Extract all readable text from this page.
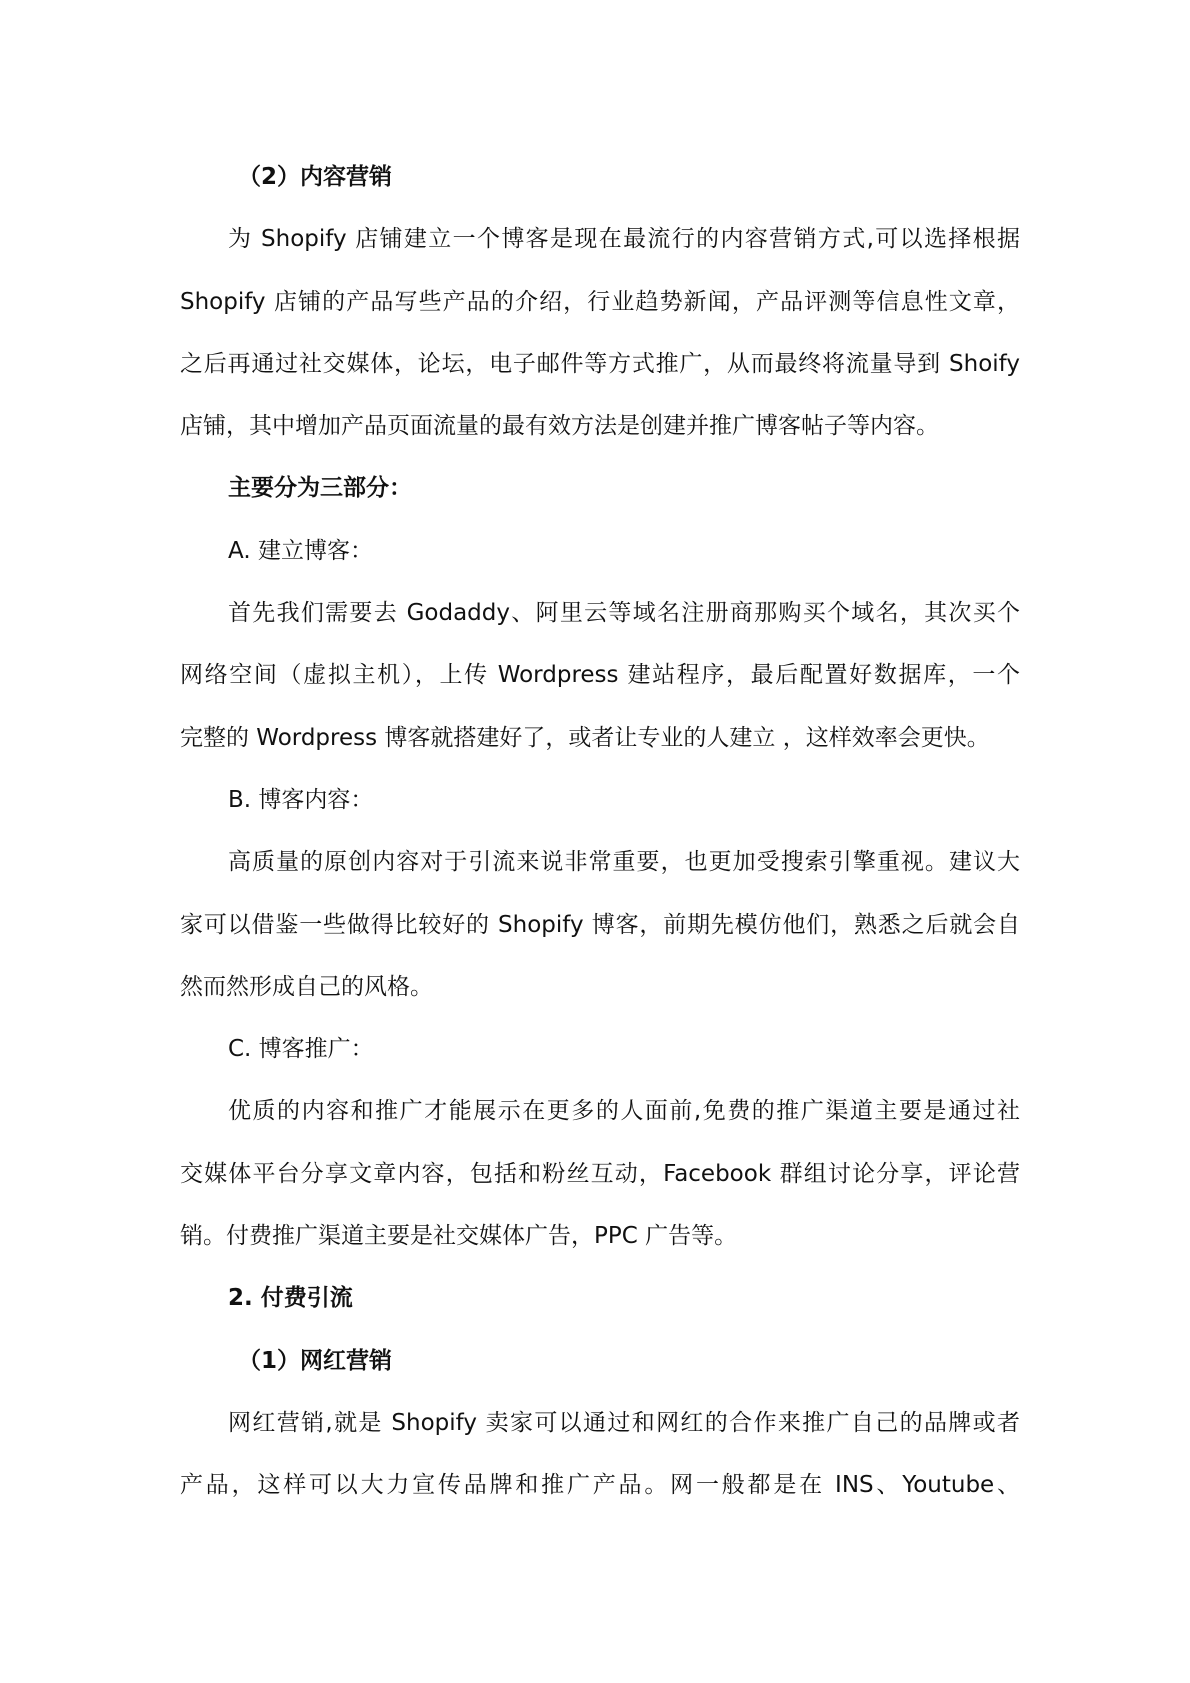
（2）内容营销
为 Shopify 店铺建立一个博客是现在最流行的内容营销方式,可以选择根据
Shopify 店铺的产品写些产品的介绍，行业趋势新闻，产品评测等信息性文章，
之后再通过社交媒体，论坛，电子邮件等方式推广，从而最终将流量导到 Shoify
店铺，其中增加产品页面流量的最有效方法是创建并推广博客帖子等内容。
主要分为三部分：
A. 建立博客：
首先我们需要去 Godaddy、阿里云等域名注册商那购买个域名，其次买个
网络空间（虚拟主机），上传 Wordpress 建站程序，最后配置好数据库，一个
完整的 Wordpress 博客就搭建好了，或者让专业的人建立 ，这样效率会更快。
B. 博客内容：
高质量的原创内容对于引流来说非常重要，也更加受搜索引擎重视。建议大
家可以借鉴一些做得比较好的 Shopify 博客，前期先模仿他们，熟悉之后就会自
然而然形成自己的风格。
C. 博客推广：
优质的内容和推广才能展示在更多的人面前,免费的推广渠道主要是通过社
交媒体平台分享文章内容，包括和粉丝互动，Facebook 群组讨论分享，评论营
销。付费推广渠道主要是社交媒体广告，PPC 广告等。
2. 付费引流
（1）网红营销
网红营销,就是 Shopify 卖家可以通过和网红的合作来推广自己的品牌或者
产品，这样可以大力宣传品牌和推广产品。网一般都是在 INS、Youtube、
